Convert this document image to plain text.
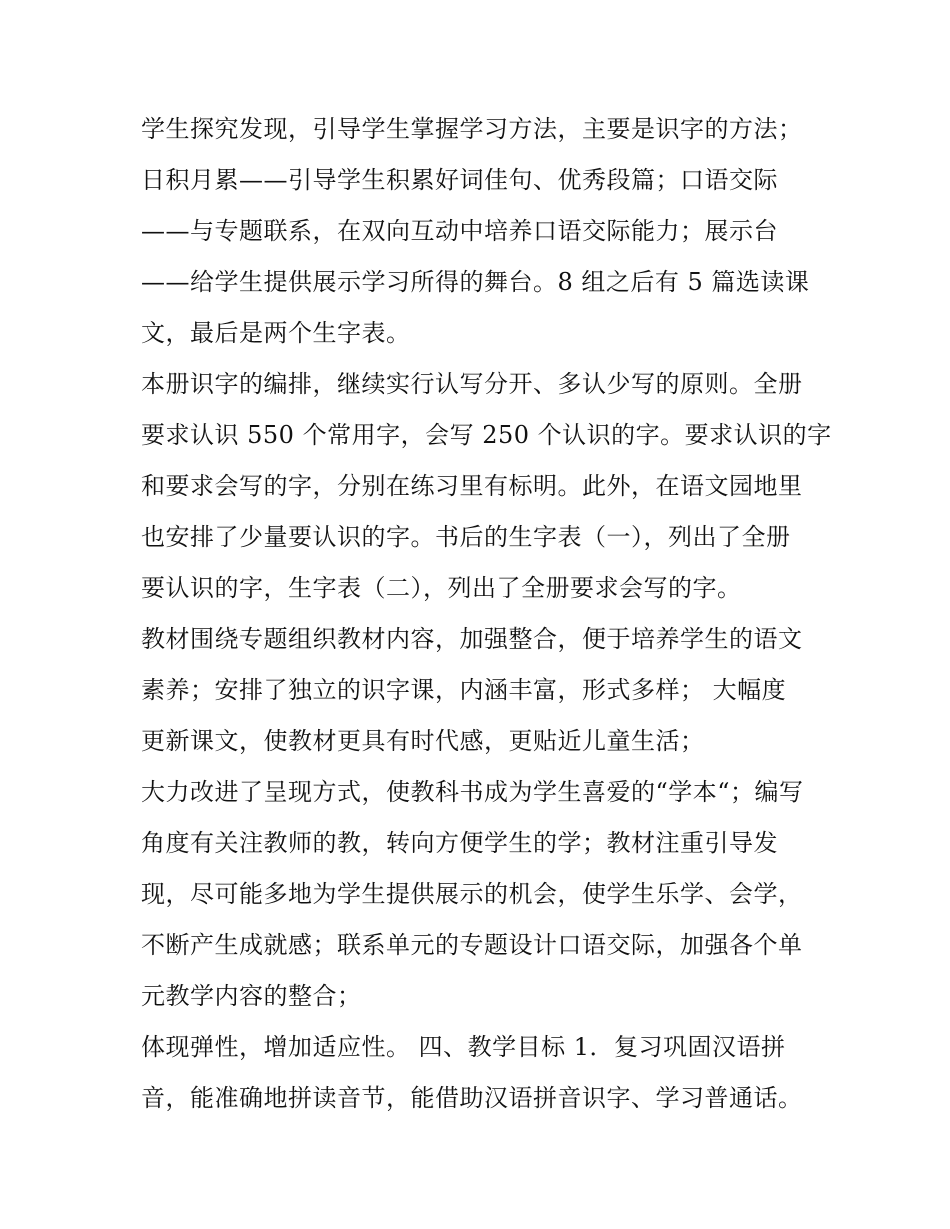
学生探究发现，引导学生掌握学习方法，主要是识字的方法；
日积月累——引导学生积累好词佳句、优秀段篇；口语交际
——与专题联系，在双向互动中培养口语交际能力；展示台
——给学生提供展示学习所得的舞台。8 组之后有 5 篇选读课
文，最后是两个生字表。
本册识字的编排，继续实行认写分开、多认少写的原则。全册
要求认识 550 个常用字，会写 250 个认识的字。要求认识的字
和要求会写的字，分别在练习里有标明。此外，在语文园地里
也安排了少量要认识的字。书后的生字表（一），列出了全册
要认识的字，生字表（二），列出了全册要求会写的字。
教材围绕专题组织教材内容，加强整合，便于培养学生的语文
素养；安排了独立的识字课，内涵丰富，形式多样； 大幅度
更新课文，使教材更具有时代感，更贴近儿童生活；
大力改进了呈现方式，使教科书成为学生喜爱的“学本“；编写
角度有关注教师的教，转向方便学生的学；教材注重引导发
现，尽可能多地为学生提供展示的机会，使学生乐学、会学，
不断产生成就感；联系单元的专题设计口语交际，加强各个单
元教学内容的整合；
体现弹性，增加适应性。 四、教学目标 1．复习巩固汉语拼
音，能准确地拼读音节，能借助汉语拼音识字、学习普通话。
